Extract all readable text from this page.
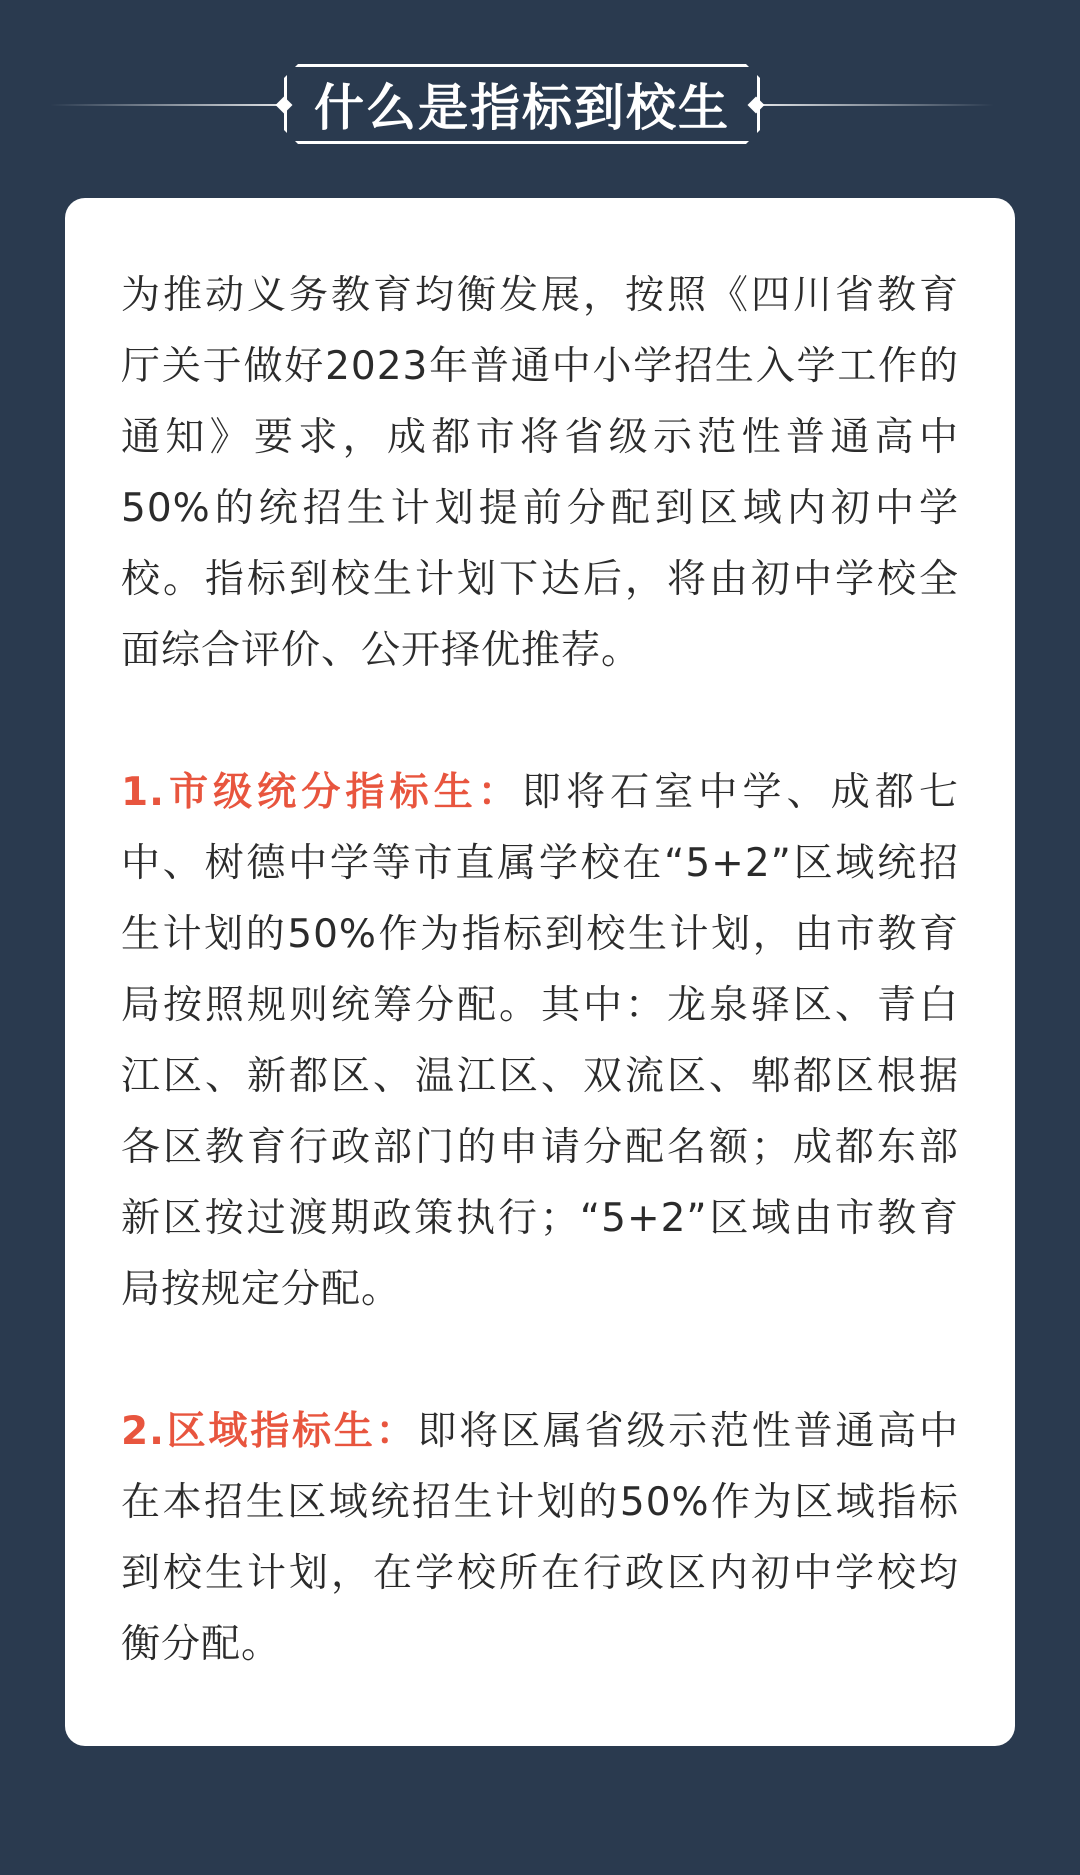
什么是指标到校生

为推动义务教育均衡发展，按照《四川省教育厅关于做好2023年普通中小学招生入学工作的通知》要求，成都市将省级示范性普通高中50%的统招生计划提前分配到区域内初中学校。指标到校生计划下达后，将由初中学校全面综合评价、公开择优推荐。

1.市级统分指标生：即将石室中学、成都七中、树德中学等市直属学校在“5+2”区域统招生计划的50%作为指标到校生计划，由市教育局按照规则统筹分配。其中：龙泉驿区、青白江区、新都区、温江区、双流区、郫都区根据各区教育行政部门的申请分配名额；成都东部新区按过渡期政策执行；“5+2”区域由市教育局按规定分配。

2.区域指标生：即将区属省级示范性普通高中在本招生区域统招生计划的50%作为区域指标到校生计划，在学校所在行政区内初中学校均衡分配。
